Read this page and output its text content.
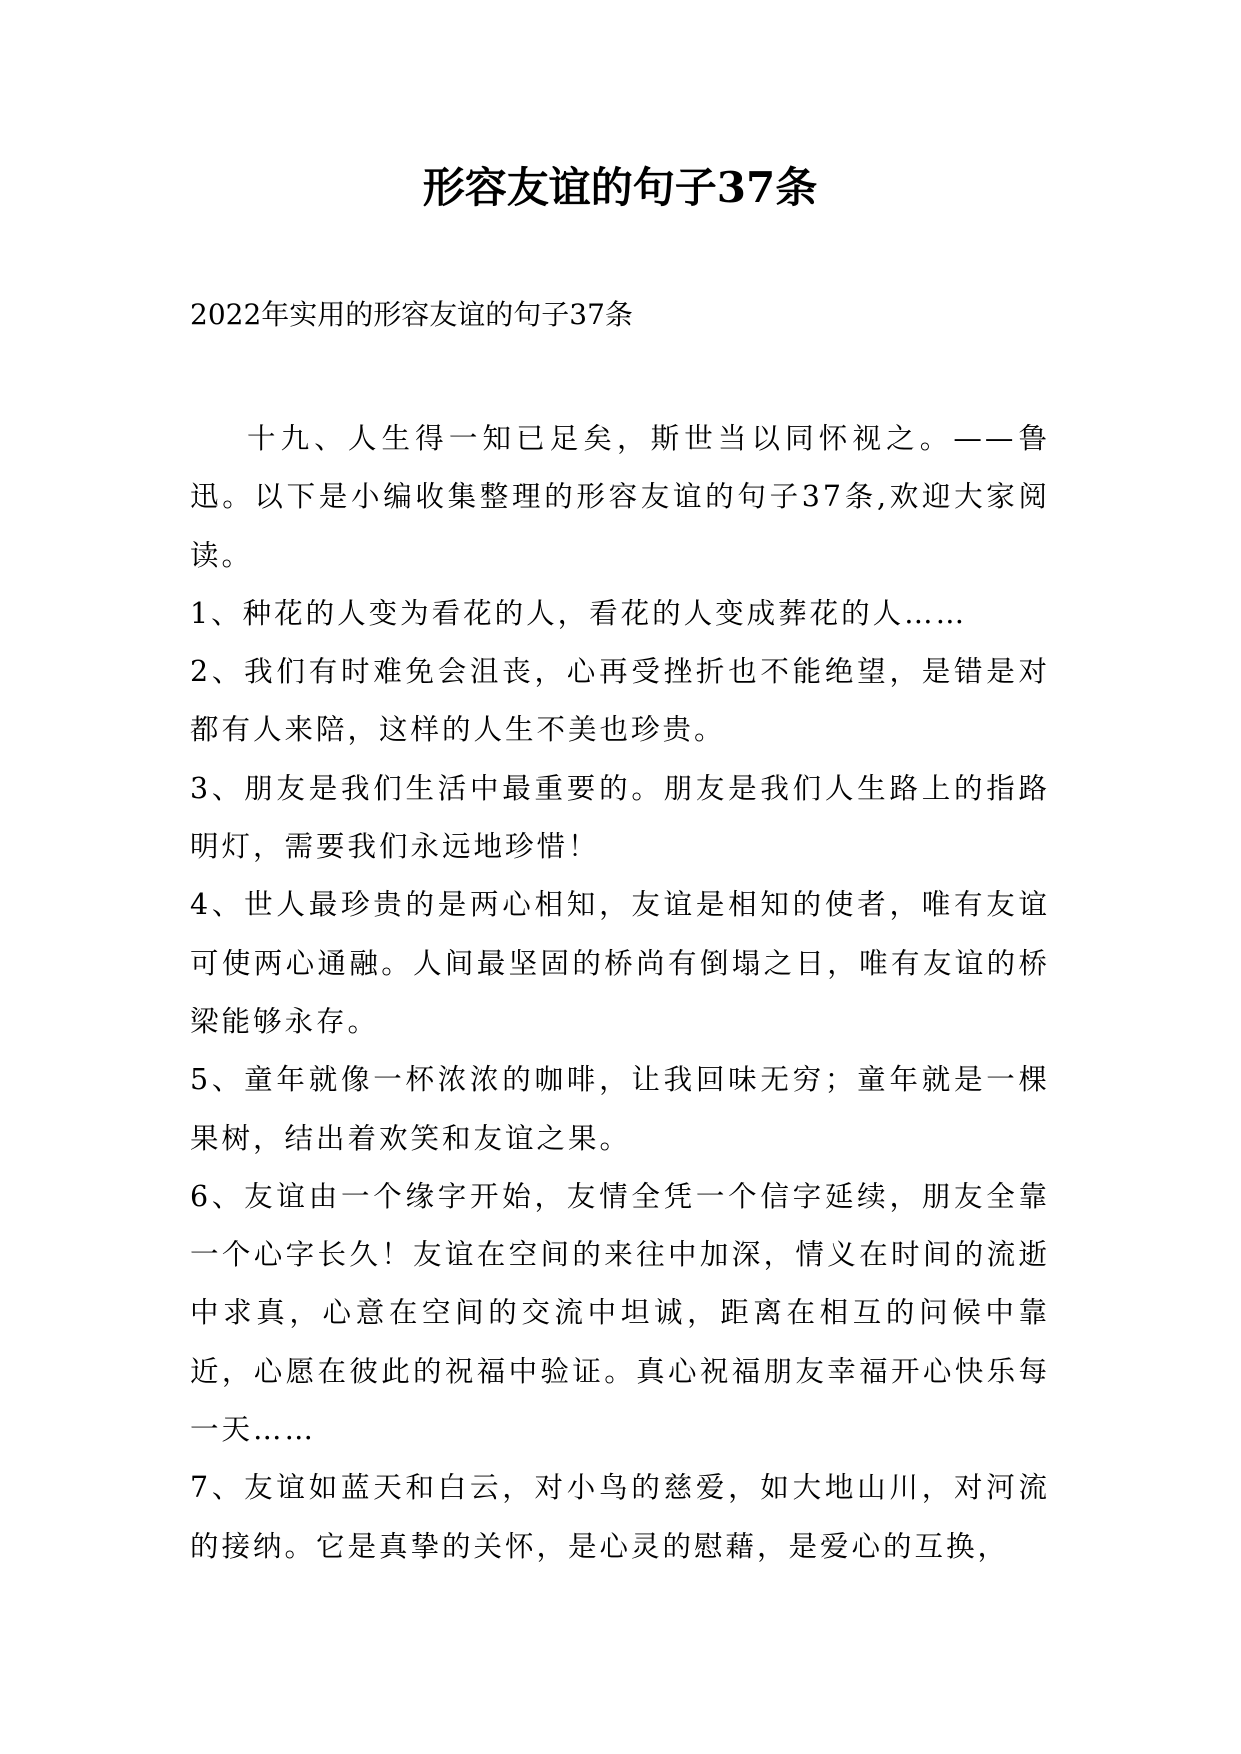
形容友谊的句子37条

2022年实用的形容友谊的句子37条

十九、人生得一知已足矣，斯世当以同怀视之。——鲁迅。以下是小编收集整理的形容友谊的句子37条,欢迎大家阅读。

1、种花的人变为看花的人，看花的人变成葬花的人……

2、我们有时难免会沮丧，心再受挫折也不能绝望，是错是对都有人来陪，这样的人生不美也珍贵。

3、朋友是我们生活中最重要的。朋友是我们人生路上的指路明灯，需要我们永远地珍惜！

4、世人最珍贵的是两心相知，友谊是相知的使者，唯有友谊可使两心通融。人间最坚固的桥尚有倒塌之日，唯有友谊的桥梁能够永存。

5、童年就像一杯浓浓的咖啡，让我回味无穷；童年就是一棵果树，结出着欢笑和友谊之果。

6、友谊由一个缘字开始，友情全凭一个信字延续，朋友全靠一个心字长久！友谊在空间的来往中加深，情义在时间的流逝中求真，心意在空间的交流中坦诚，距离在相互的问候中靠近，心愿在彼此的祝福中验证。真心祝福朋友幸福开心快乐每一天……

7、友谊如蓝天和白云，对小鸟的慈爱，如大地山川，对河流的接纳。它是真挚的关怀，是心灵的慰藉，是爱心的互换，
